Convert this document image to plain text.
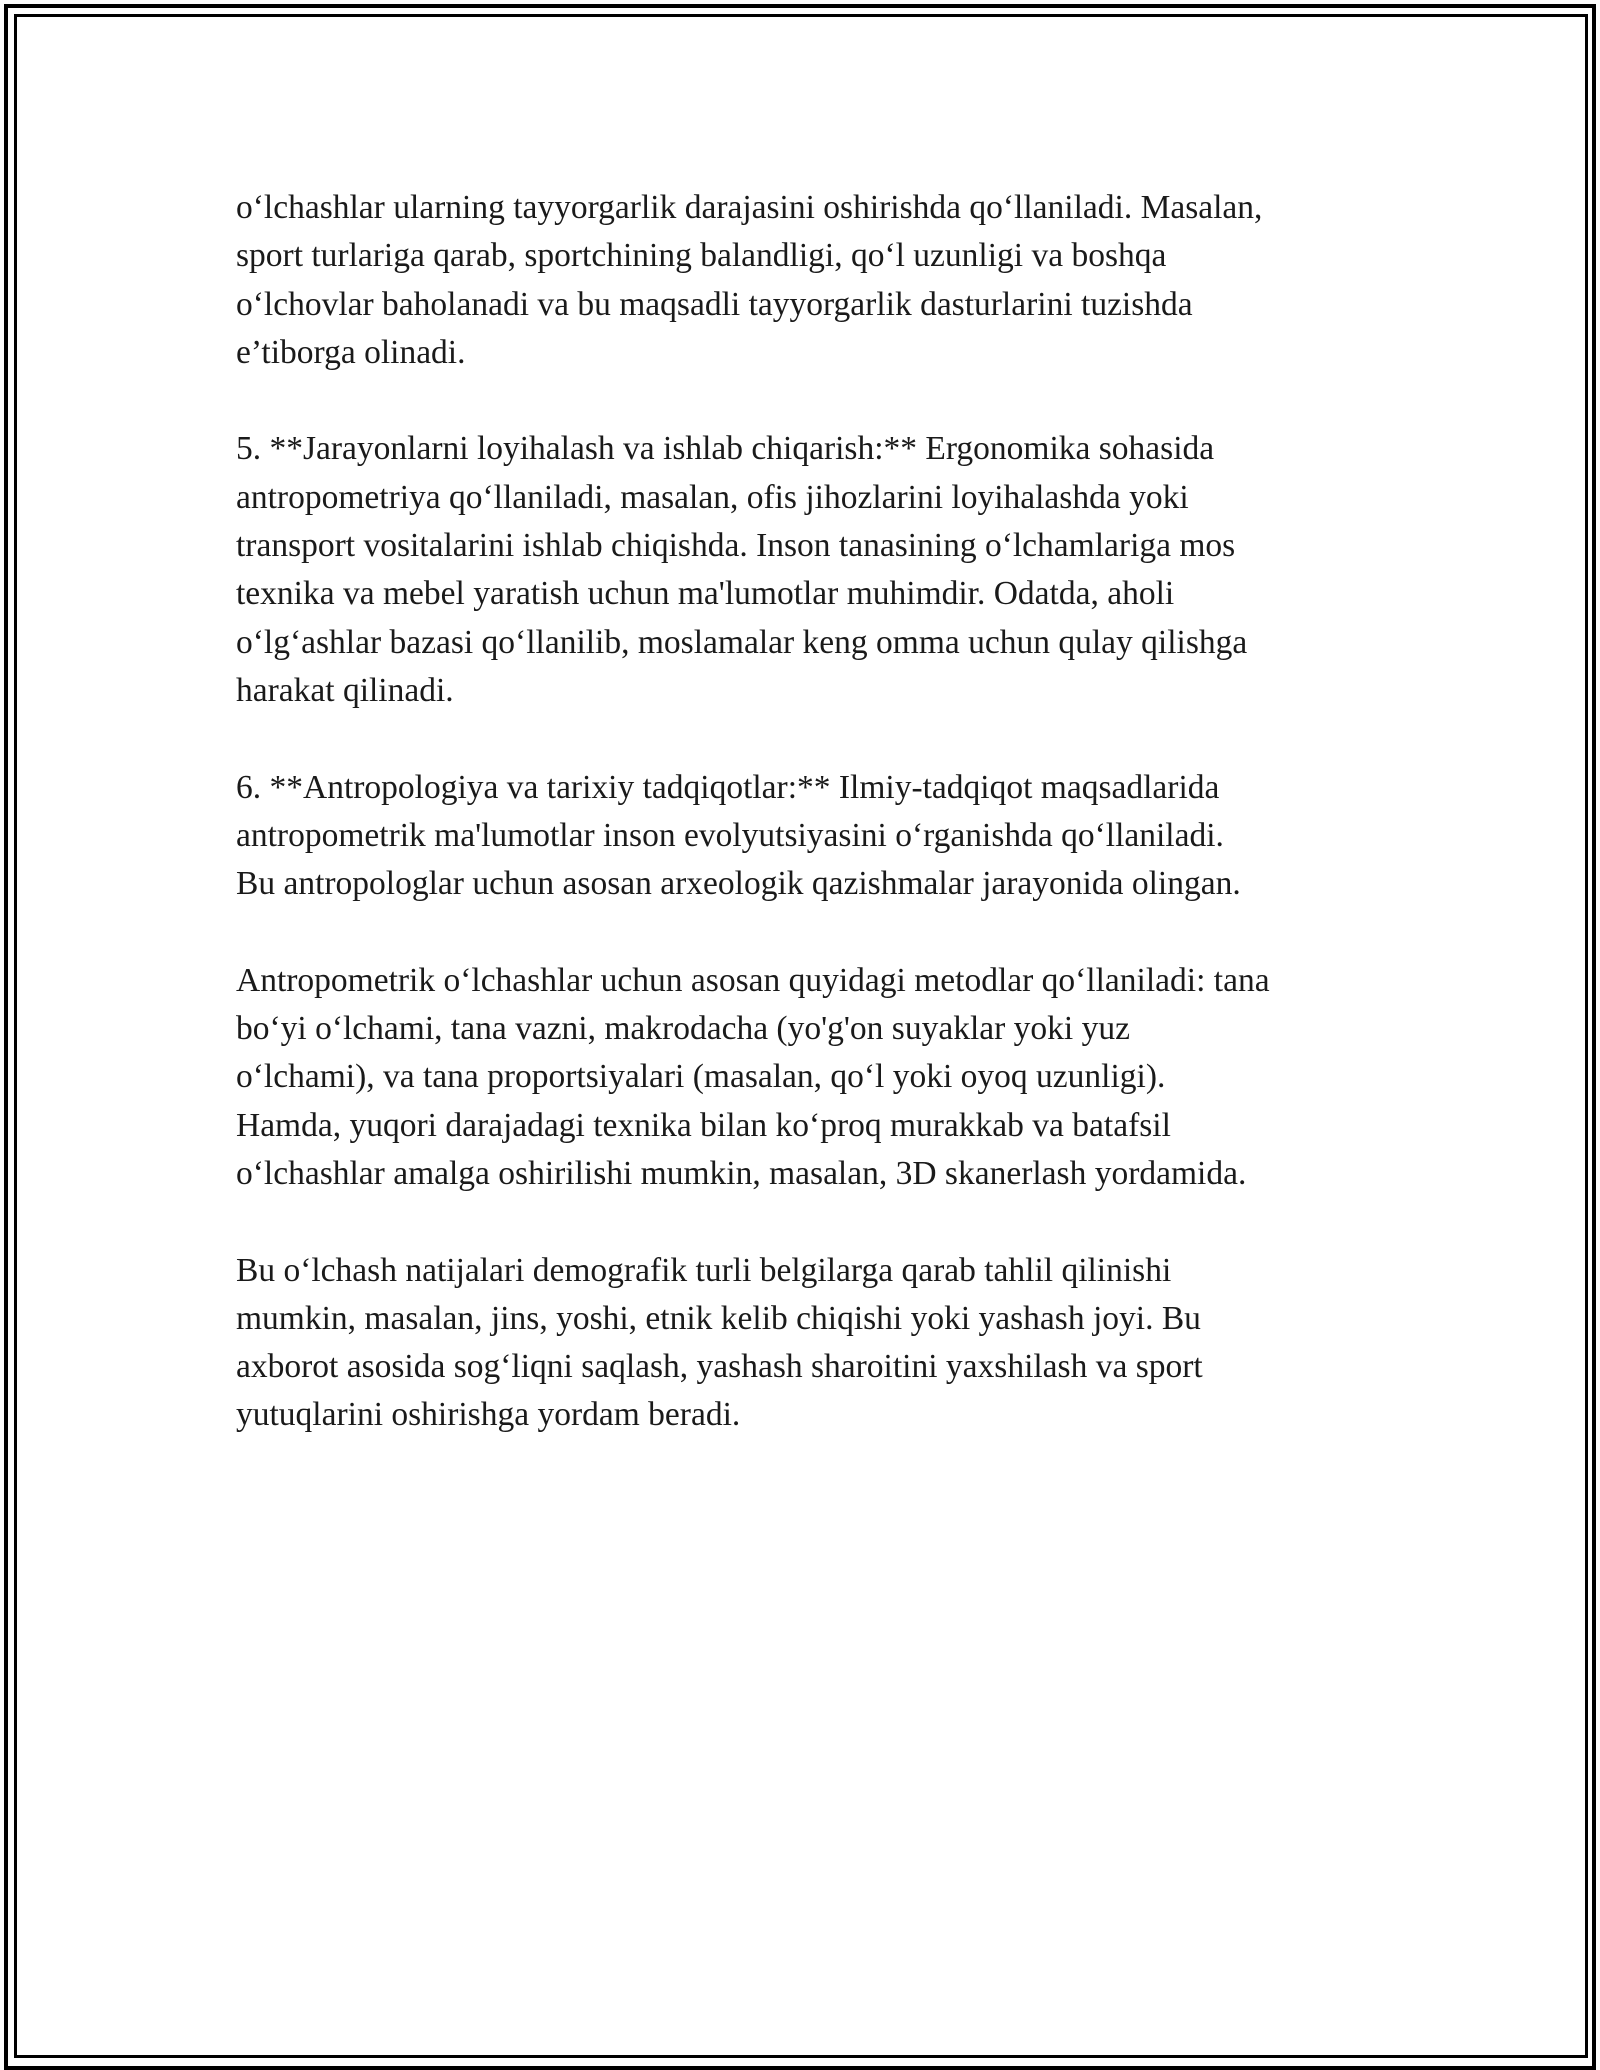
o‘lchashlar ularning tayyorgarlik darajasini oshirishda qo‘llaniladi. Masalan,
sport turlariga qarab, sportchining balandligi, qo‘l uzunligi va boshqa
o‘lchovlar baholanadi va bu maqsadli tayyorgarlik dasturlarini tuzishda
e’tiborga olinadi.

5. **Jarayonlarni loyihalash va ishlab chiqarish:** Ergonomika sohasida
antropometriya qo‘llaniladi, masalan, ofis jihozlarini loyihalashda yoki
transport vositalarini ishlab chiqishda. Inson tanasining o‘lchamlariga mos
texnika va mebel yaratish uchun ma'lumotlar muhimdir. Odatda, aholi
o‘lg‘ashlar bazasi qo‘llanilib, moslamalar keng omma uchun qulay qilishga
harakat qilinadi.

6. **Antropologiya va tarixiy tadqiqotlar:** Ilmiy-tadqiqot maqsadlarida
antropometrik ma'lumotlar inson evolyutsiyasini o‘rganishda qo‘llaniladi.
Bu antropologlar uchun asosan arxeologik qazishmalar jarayonida olingan.

Antropometrik o‘lchashlar uchun asosan quyidagi metodlar qo‘llaniladi: tana
bo‘yi o‘lchami, tana vazni, makrodacha (yo'g'on suyaklar yoki yuz
o‘lchami), va tana proportsiyalari (masalan, qo‘l yoki oyoq uzunligi).
Hamda, yuqori darajadagi texnika bilan ko‘proq murakkab va batafsil
o‘lchashlar amalga oshirilishi mumkin, masalan, 3D skanerlash yordamida.

Bu o‘lchash natijalari demografik turli belgilarga qarab tahlil qilinishi
mumkin, masalan, jins, yoshi, etnik kelib chiqishi yoki yashash joyi. Bu
axborot asosida sog‘liqni saqlash, yashash sharoitini yaxshilash va sport
yutuqlarini oshirishga yordam beradi.
